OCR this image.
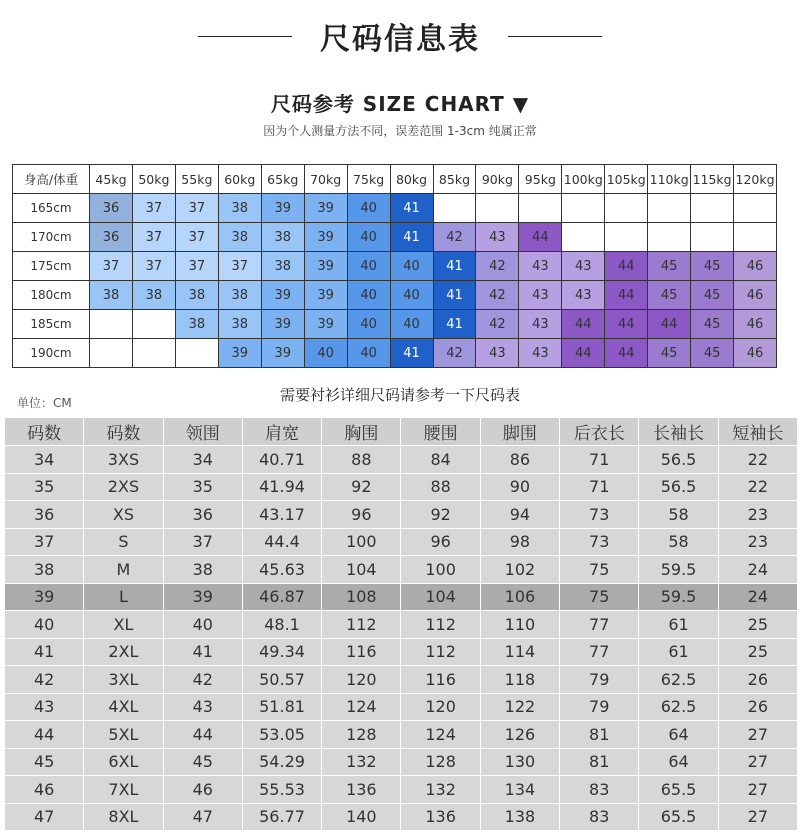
尺码信息表
尺码参考 SIZE CHART ▼
因为个人测量方法不同，误差范围 1-3cm 纯属正常
身高/体重	45kg	50kg	55kg	60kg	65kg	70kg	75kg	80kg	85kg	90kg	95kg	100kg	105kg	110kg	115kg	120kg
165cm	36	37	37	38	39	39	40	41								
170cm	36	37	37	38	38	39	40	41	42	43	44					
175cm	37	37	37	37	38	39	40	40	41	42	43	43	44	45	45	46
180cm	38	38	38	38	39	39	40	40	41	42	43	43	44	45	45	46
185cm			38	38	39	39	40	40	41	42	43	44	44	44	45	46
190cm				39	39	40	40	41	42	43	43	44	44	45	45	46
单位：CM	需要衬衫详细尺码请参考一下尺码表
码数	码数	领围	肩宽	胸围	腰围	脚围	后衣长	长袖长	短袖长
34	3XS	34	40.71	88	84	86	71	56.5	22
35	2XS	35	41.94	92	88	90	71	56.5	22
36	XS	36	43.17	96	92	94	73	58	23
37	S	37	44.4	100	96	98	73	58	23
38	M	38	45.63	104	100	102	75	59.5	24
39	L	39	46.87	108	104	106	75	59.5	24
40	XL	40	48.1	112	112	110	77	61	25
41	2XL	41	49.34	116	112	114	77	61	25
42	3XL	42	50.57	120	116	118	79	62.5	26
43	4XL	43	51.81	124	120	122	79	62.5	26
44	5XL	44	53.05	128	124	126	81	64	27
45	6XL	45	54.29	132	128	130	81	64	27
46	7XL	46	55.53	136	132	134	83	65.5	27
47	8XL	47	56.77	140	136	138	83	65.5	27
